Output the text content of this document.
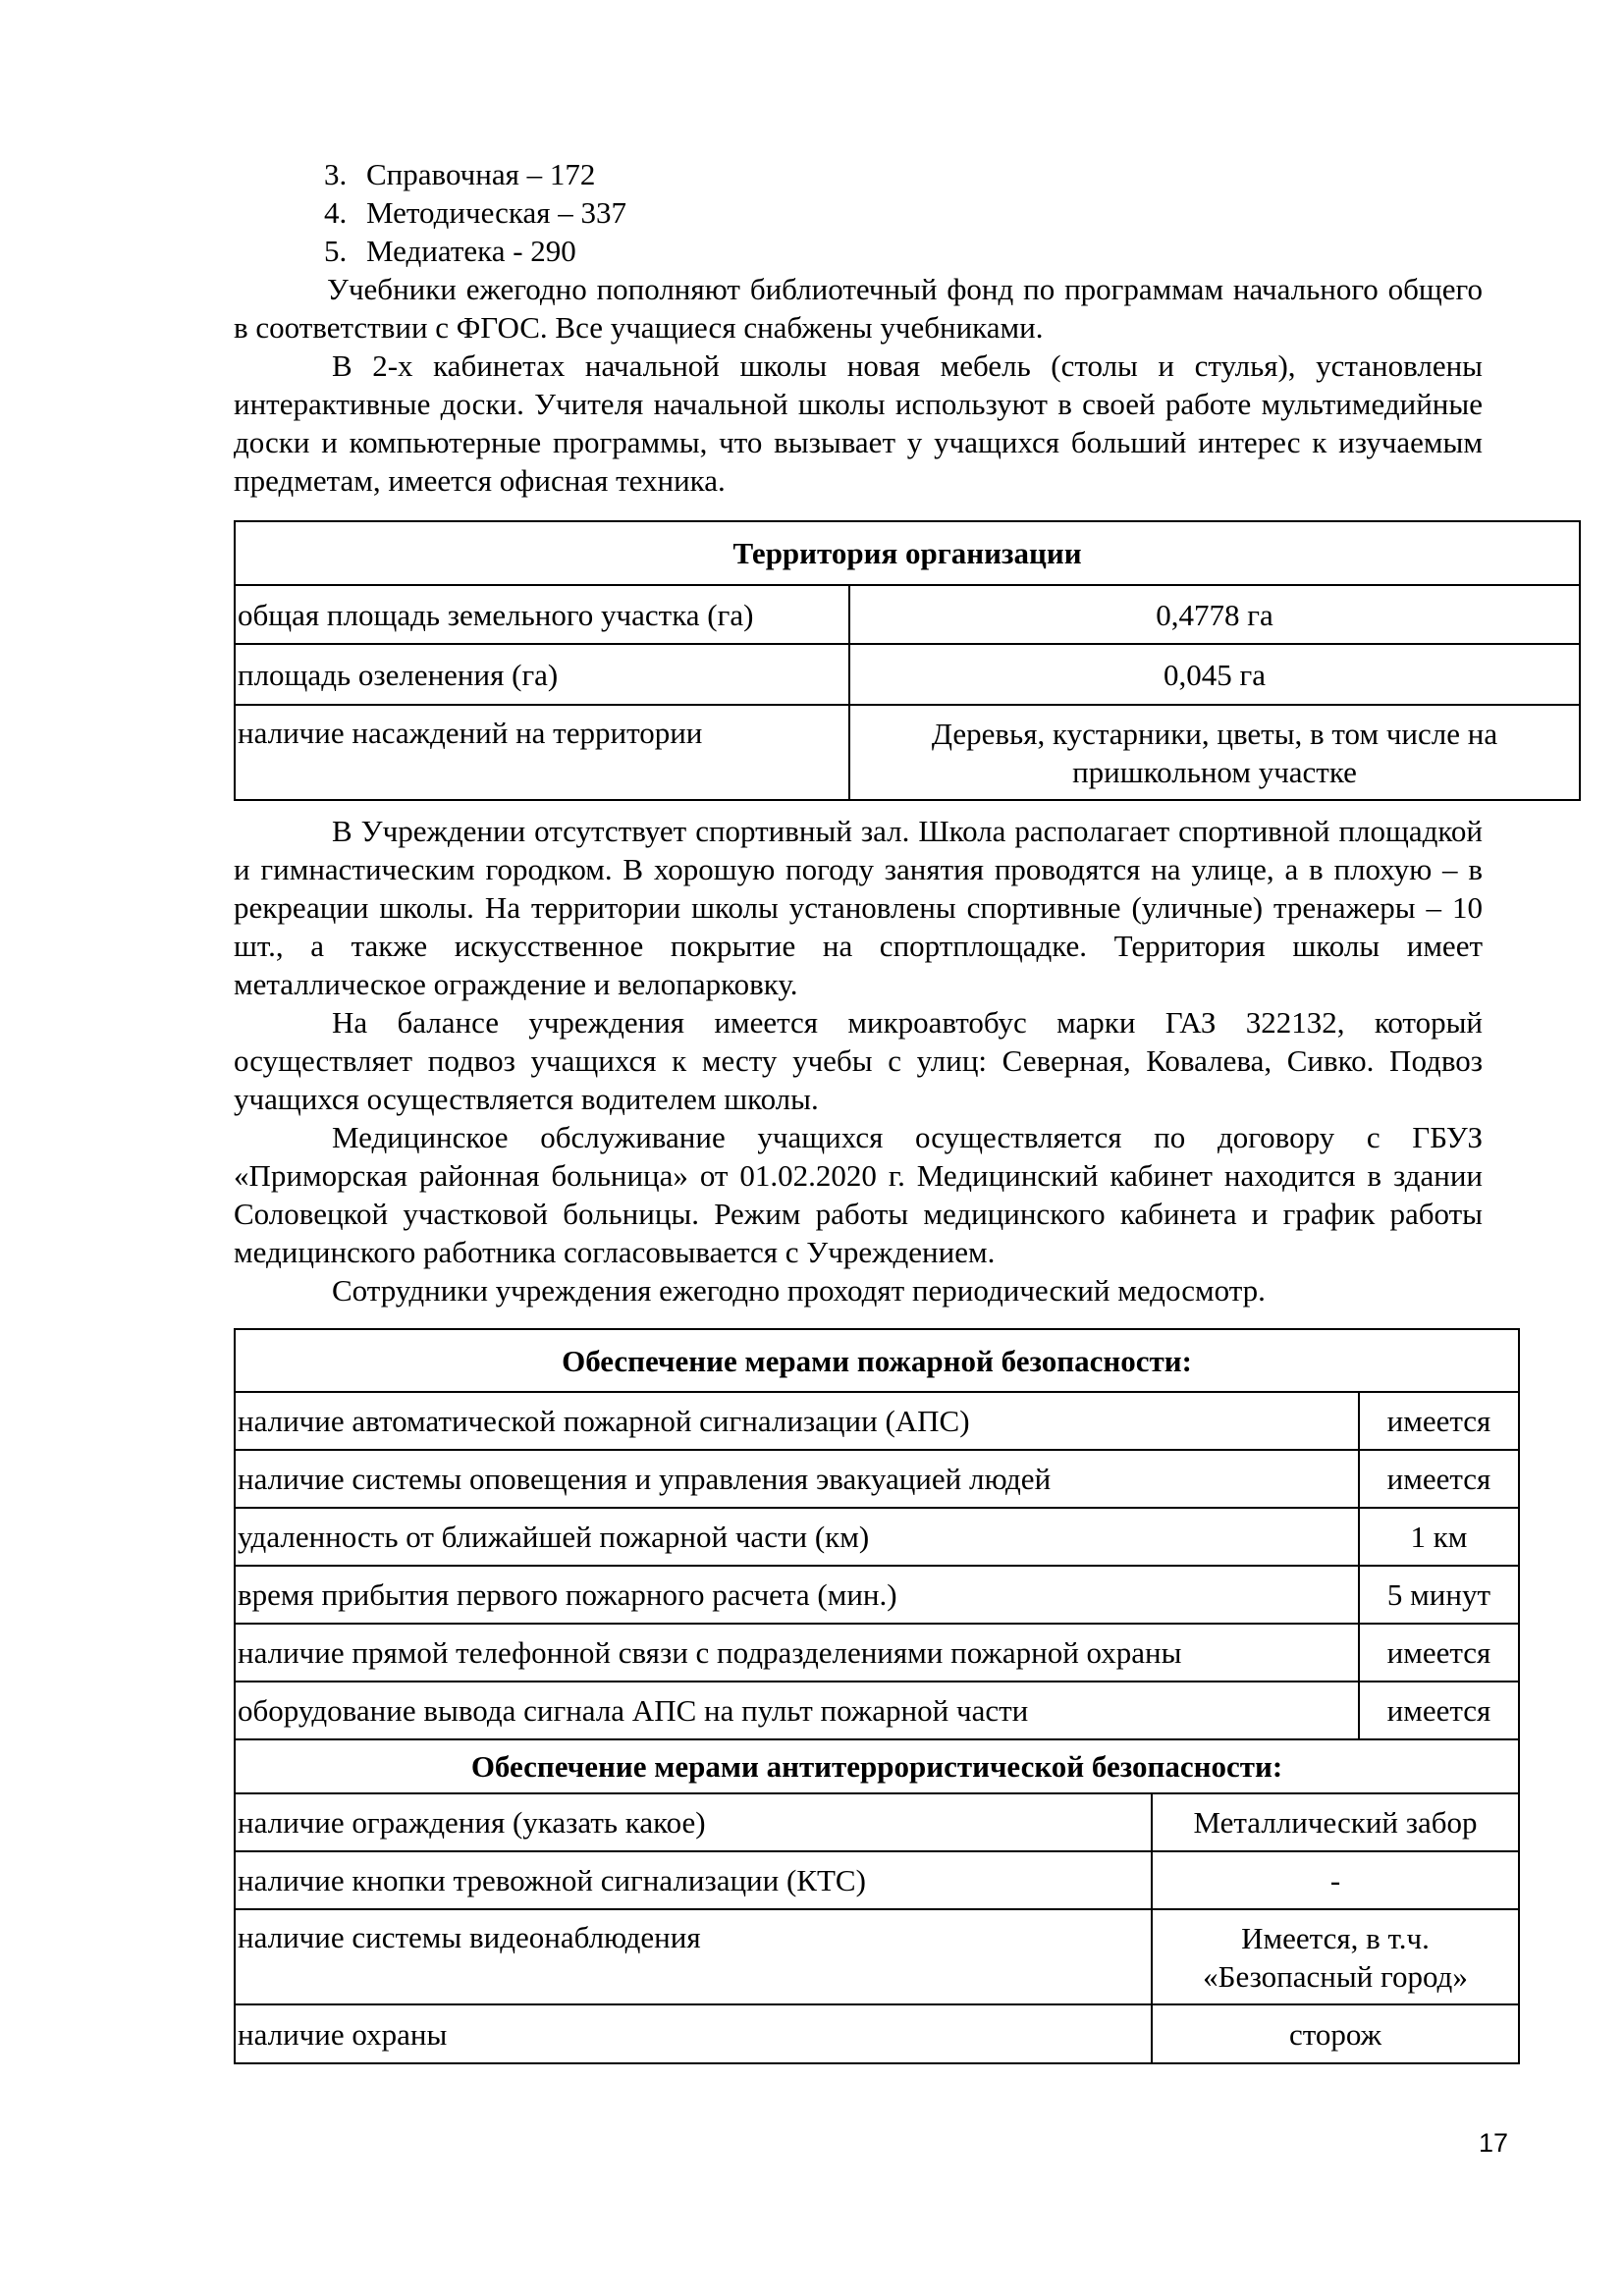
3. Справочная – 172
4. Методическая – 337
5. Медиатека - 290

Учебники ежегодно пополняют библиотечный фонд по программам начального общего в соответствии с ФГОС. Все учащиеся снабжены учебниками.

В 2-х кабинетах начальной школы новая мебель (столы и стулья), установлены интерактивные доски. Учителя начальной школы используют в своей работе мультимедийные доски и компьютерные программы, что вызывает у учащихся больший интерес к изучаемым предметам, имеется офисная техника.

Территория организации	
общая площадь земельного участка (га)	0,4778 га
площадь озеленения (га)	0,045 га
наличие насаждений на территории	Деревья, кустарники, цветы, в том числе на пришкольном участке

В Учреждении отсутствует спортивный зал. Школа располагает спортивной площадкой и гимнастическим городком. В хорошую погоду занятия проводятся на улице, а в плохую – в рекреации школы. На территории школы установлены спортивные (уличные) тренажеры – 10 шт., а также искусственное покрытие на спортплощадке. Территория школы имеет металлическое ограждение и велопарковку.

На балансе учреждения имеется микроавтобус марки ГАЗ 322132, который осуществляет подвоз учащихся к месту учебы с улиц: Северная, Ковалева, Сивко. Подвоз учащихся осуществляется водителем школы.

Медицинское обслуживание учащихся осуществляется по договору с ГБУЗ «Приморская районная больница» от 01.02.2020 г. Медицинский кабинет находится в здании Соловецкой участковой больницы. Режим работы медицинского кабинета и график работы медицинского работника согласовывается с Учреждением.

Сотрудники учреждения ежегодно проходят периодический медосмотр.

Обеспечение мерами пожарной безопасности:		
наличие автоматической пожарной сигнализации (АПС)		имеется
наличие системы оповещения и управления эвакуацией людей		имеется
удаленность от ближайшей пожарной части (км)		1 км
время прибытия первого пожарного расчета (мин.)		5 минут
наличие прямой телефонной связи с подразделениями пожарной охраны		имеется
оборудование вывода сигнала АПС на пульт пожарной части		имеется
Обеспечение мерами антитеррористической безопасности:		
наличие ограждения (указать какое)	Металлический забор	
наличие кнопки тревожной сигнализации (КТС)	-	
наличие системы видеонаблюдения	Имеется, в т.ч. «Безопасный город»	
наличие охраны	сторож	
17
